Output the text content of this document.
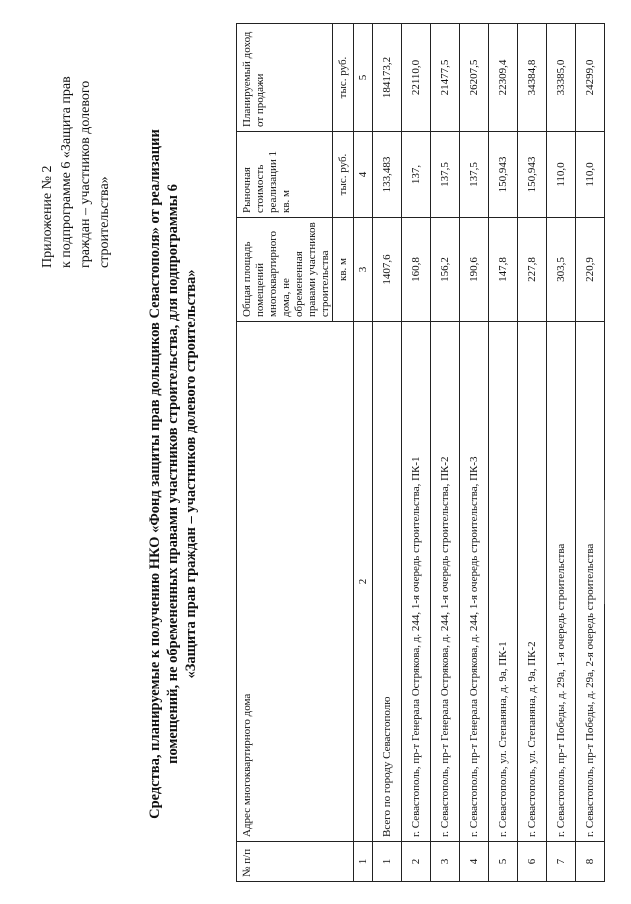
Приложение № 2 к подпрограмме 6 «Защита прав граждан – участников долевого строительства» Средства, планируемые к получению НКО «Фонд защиты прав дольщиков Севастополя» от реализации помещений, не обремененных правами участников строительства, для подпрограммы 6 «Защита прав граждан – участников долевого строительства»
№ п/п	Адрес многоквартирного дома	Общая площадь помещений многоквартирного дома, не обремененная правами участников строительства	Рыночная стоимость реализации 1 кв. м	Планируемый доход от продажи
		кв. м	тыс. руб.	тыс. руб.
1	2	3	4	5
1	Всего по городу Севастополю	1407,6	133,483	184173,2
2	г. Севастополь, пр-т Генерала Острякова, д. 244, 1-я очередь строительства, ПК-1	160,8	137,	22110,0
3	г. Севастополь, пр-т Генерала Острякова, д. 244, 1-я очередь строительства, ПК-2	156,2	137,5	21477,5
4	г. Севастополь, пр-т Генерала Острякова, д. 244, 1-я очередь строительства, ПК-3	190,6	137,5	26207,5
5	г. Севастополь, ул. Степаняна, д. 9а, ПК-1	147,8	150,943	22309,4
6	г. Севастополь, ул. Степаняна, д. 9а, ПК-2	227,8	150,943	34384,8
7	г. Севастополь, пр-т Победы, д. 29а, 1-я очередь строительства	303,5	110,0	33385,0
8	г. Севастополь, пр-т Победы, д. 29а, 2-я очередь строительства	220,9	110,0	24299,0
